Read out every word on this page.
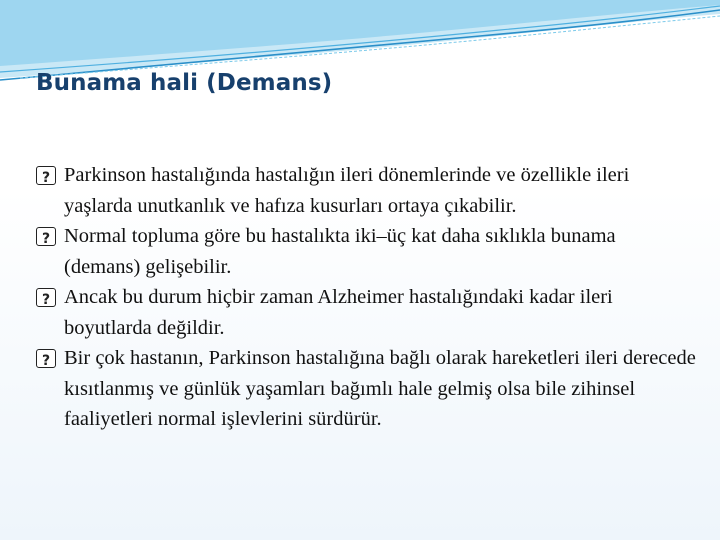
Bunama hali (Demans)
?
Parkinson hastalığında hastalığın ileri dönemlerinde ve özellikle ileri yaşlarda unutkanlık ve hafıza kusurları ortaya çıkabilir.
?
Normal topluma göre bu hastalıkta iki–üç kat daha sıklıkla bunama (demans) gelişebilir.
?
Ancak bu durum hiçbir zaman Alzheimer hastalığındaki kadar ileri boyutlarda değildir.
?
Bir çok hastanın, Parkinson hastalığına bağlı olarak hareketleri ileri derecede kısıtlanmış ve günlük yaşamları bağımlı hale gelmiş olsa bile zihinsel faaliyetleri normal işlevlerini sürdürür.
